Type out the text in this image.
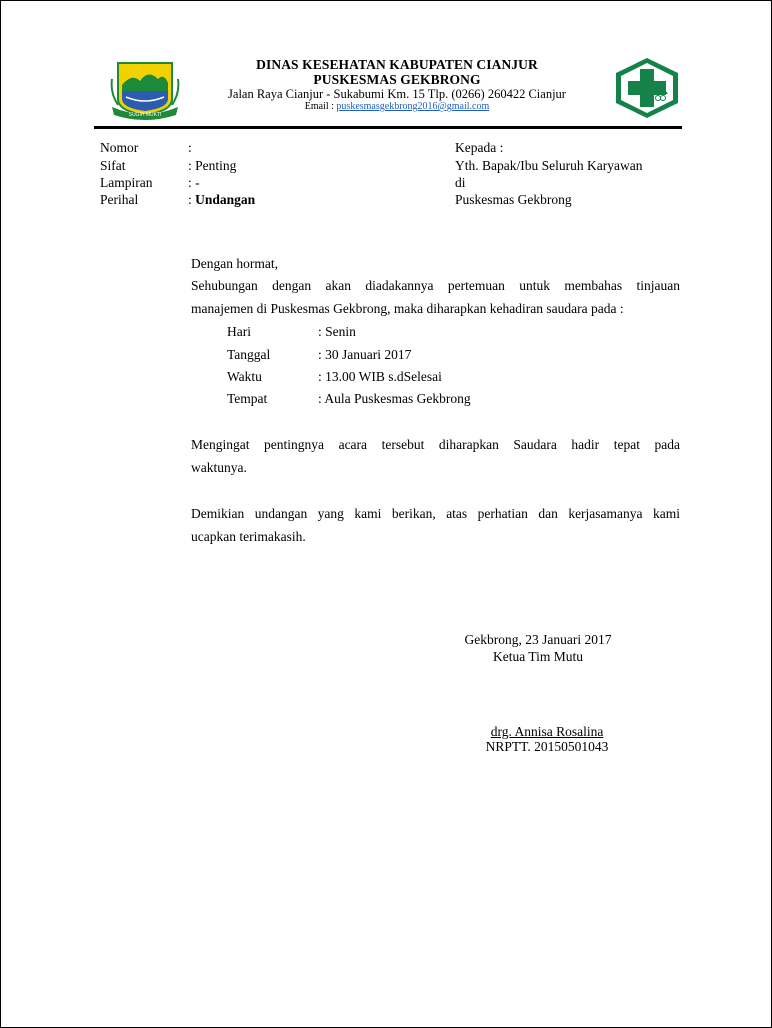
SUGIH MUKTI
DINAS KESEHATAN KABUPATEN CIANJUR
PUSKESMAS GEKBRONG
Jalan Raya Cianjur - Sukabumi Km. 15 Tlp. (0266) 260422 Cianjur
Email : puskesmasgekbrong2016@gmail.com
Nomor	:
Sifat	: Penting
Lampiran	: -
Perihal	: Undangan
Kepada :
Yth. Bapak/Ibu Seluruh Karyawan
di
Puskesmas Gekbrong
Dengan hormat,
Sehubungan dengan akan diadakannya pertemuan untuk membahas tinjauan
manajemen di Puskesmas Gekbrong, maka diharapkan kehadiran saudara pada :
Hari	: Senin
Tanggal	: 30 Januari 2017
Waktu	: 13.00 WIB s.dSelesai
Tempat	: Aula Puskesmas Gekbrong
Mengingat pentingnya acara tersebut diharapkan Saudara hadir tepat pada
waktunya.
Demikian undangan yang kami berikan, atas perhatian dan kerjasamanya kami
ucapkan terimakasih.
Gekbrong, 23 Januari 2017
Ketua Tim Mutu
drg. Annisa Rosalina
NRPTT. 20150501043
